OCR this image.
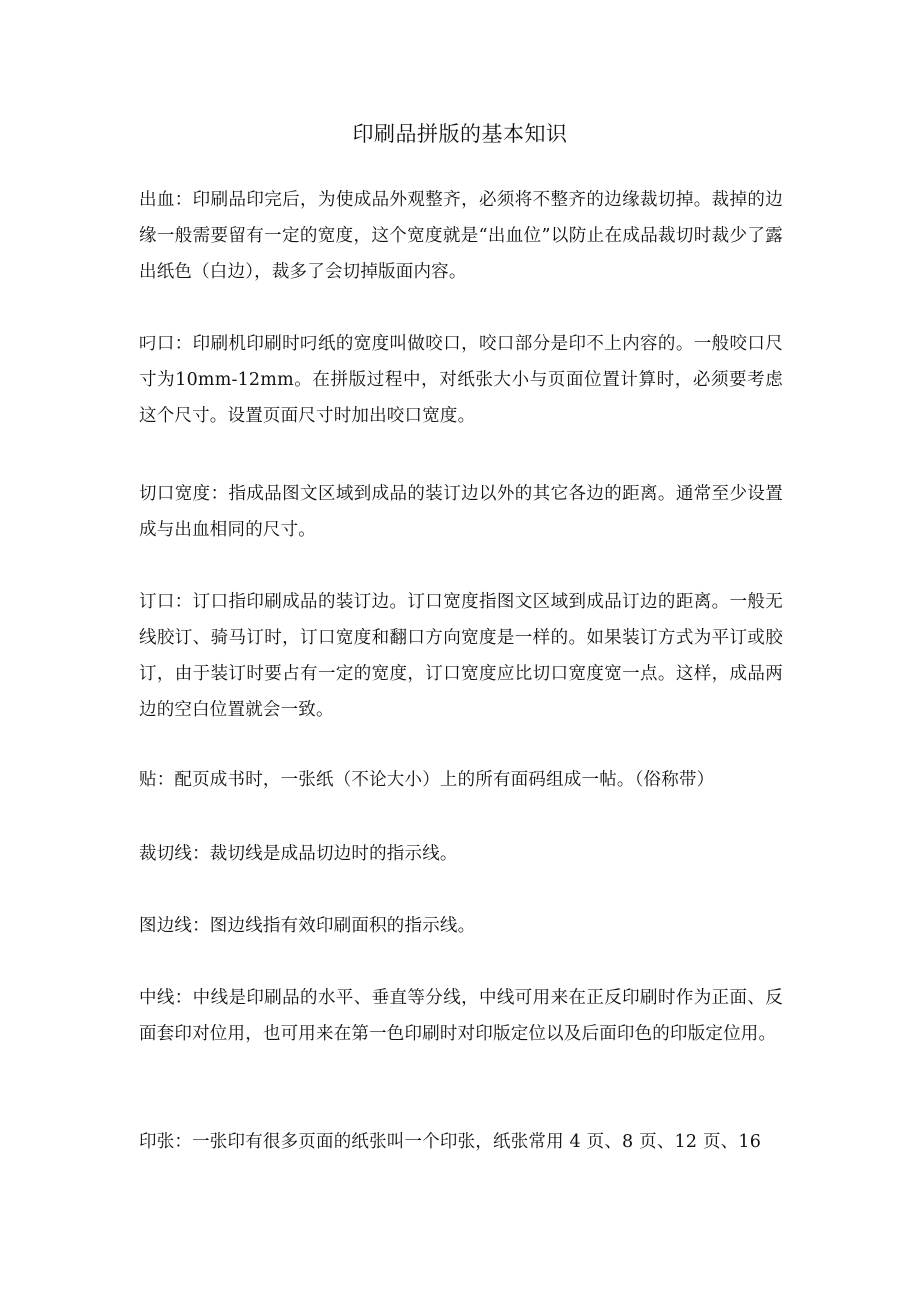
印刷品拼版的基本知识
出血：印刷品印完后，为使成品外观整齐，必须将不整齐的边缘裁切掉。裁掉的边缘一般需要留有一定的宽度，这个宽度就是“出血位”以防止在成品裁切时裁少了露出纸色（白边），裁多了会切掉版面内容。
叼口：印刷机印刷时叼纸的宽度叫做咬口，咬口部分是印不上内容的。一般咬口尺寸为10mm-12mm。在拼版过程中，对纸张大小与页面位置计算时，必须要考虑这个尺寸。设置页面尺寸时加出咬口宽度。
切口宽度：指成品图文区域到成品的装订边以外的其它各边的距离。通常至少设置成与出血相同的尺寸。
订口：订口指印刷成品的装订边。订口宽度指图文区域到成品订边的距离。一般无线胶订、骑马订时，订口宽度和翻口方向宽度是一样的。如果装订方式为平订或胶订，由于装订时要占有一定的宽度，订口宽度应比切口宽度宽一点。这样，成品两边的空白位置就会一致。
贴：配页成书时，一张纸（不论大小）上的所有面码组成一帖。（俗称带）
裁切线：裁切线是成品切边时的指示线。
图边线：图边线指有效印刷面积的指示线。
中线：中线是印刷品的水平、垂直等分线，中线可用来在正反印刷时作为正面、反面套印对位用，也可用来在第一色印刷时对印版定位以及后面印色的印版定位用。
印张：一张印有很多页面的纸张叫一个印张，纸张常用 4 页、8 页、12 页、16
